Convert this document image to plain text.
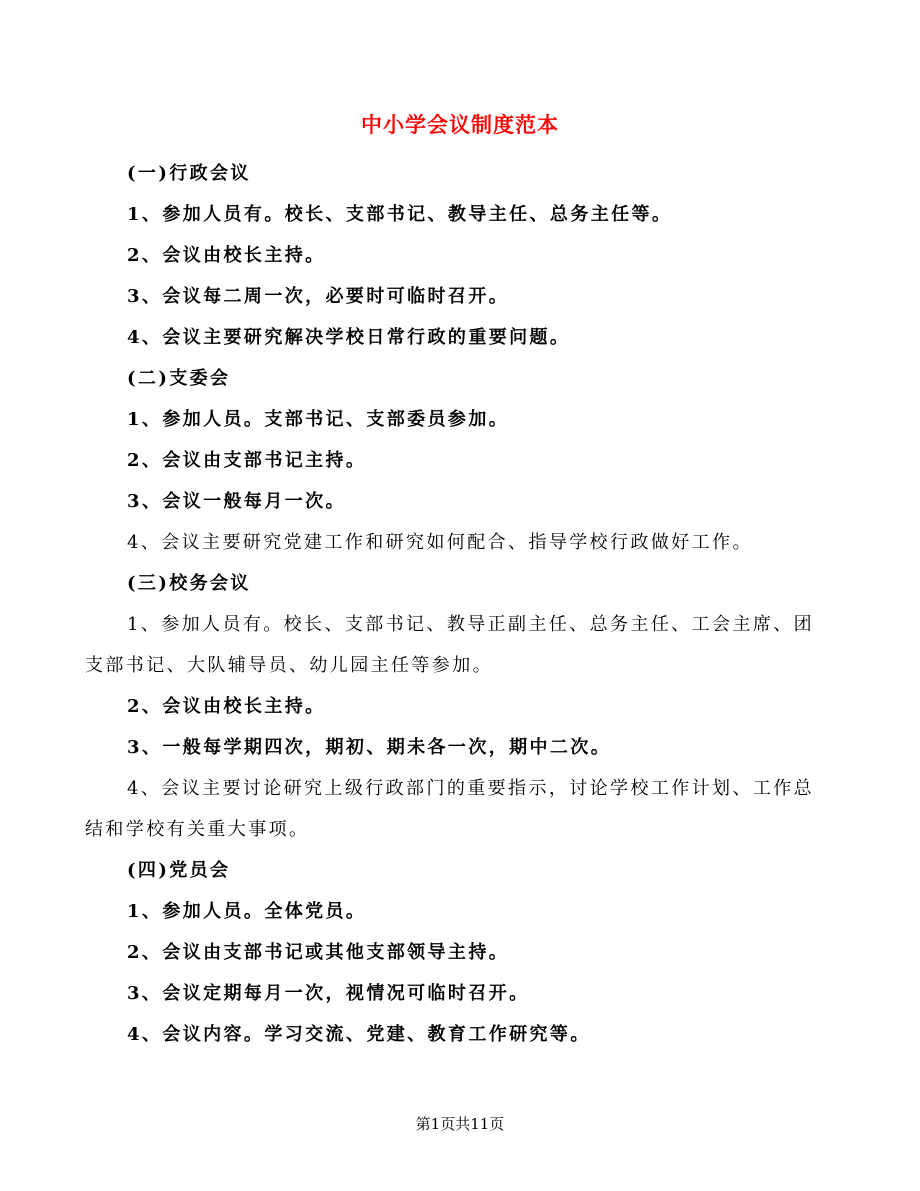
中小学会议制度范本

(一)行政会议

1、参加人员有。校长、支部书记、教导主任、总务主任等。

2、会议由校长主持。

3、会议每二周一次，必要时可临时召开。

4、会议主要研究解决学校日常行政的重要问题。

(二)支委会

1、参加人员。支部书记、支部委员参加。

2、会议由支部书记主持。

3、会议一般每月一次。

4、会议主要研究党建工作和研究如何配合、指导学校行政做好工作。

(三)校务会议

1、参加人员有。校长、支部书记、教导正副主任、总务主任、工会主席、团支部书记、大队辅导员、幼儿园主任等参加。

2、会议由校长主持。

3、一般每学期四次，期初、期未各一次，期中二次。

4、会议主要讨论研究上级行政部门的重要指示，讨论学校工作计划、工作总结和学校有关重大事项。

(四)党员会

1、参加人员。全体党员。

2、会议由支部书记或其他支部领导主持。

3、会议定期每月一次，视情况可临时召开。

4、会议内容。学习交流、党建、教育工作研究等。

第1页共11页
